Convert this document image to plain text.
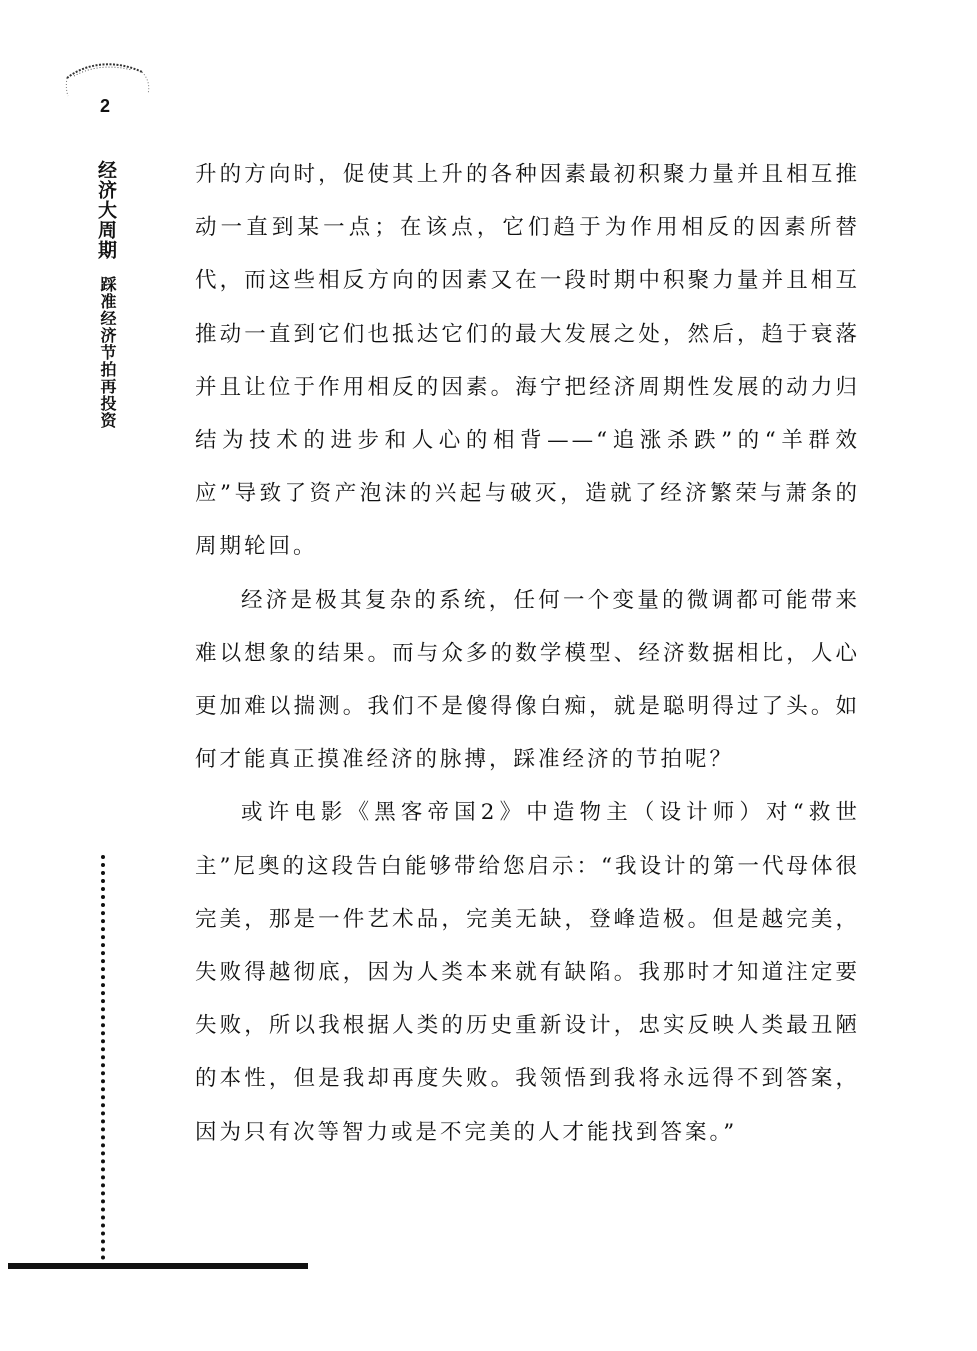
2
经济大周期
踩准经济节拍再投资

升的方向时，促使其上升的各种因素最初积聚力量并且相互推动一直到某一点；在该点，它们趋于为作用相反的因素所替代，而这些相反方向的因素又在一段时期中积聚力量并且相互推动一直到它们也抵达它们的最大发展之处，然后，趋于衰落并且让位于作用相反的因素。海宁把经济周期性发展的动力归结为技术的进步和人心的相背——“追涨杀跌”的“羊群效应”导致了资产泡沫的兴起与破灭，造就了经济繁荣与萧条的周期轮回。

经济是极其复杂的系统，任何一个变量的微调都可能带来难以想象的结果。而与众多的数学模型、经济数据相比，人心更加难以揣测。我们不是傻得像白痴，就是聪明得过了头。如何才能真正摸准经济的脉搏，踩准经济的节拍呢？

或许电影《黑客帝国2》中造物主（设计师）对“救世主”尼奥的这段告白能够带给您启示：“我设计的第一代母体很完美，那是一件艺术品，完美无缺，登峰造极。但是越完美，失败得越彻底，因为人类本来就有缺陷。我那时才知道注定要失败，所以我根据人类的历史重新设计，忠实反映人类最丑陋的本性，但是我却再度失败。我领悟到我将永远得不到答案，因为只有次等智力或是不完美的人才能找到答案。”
